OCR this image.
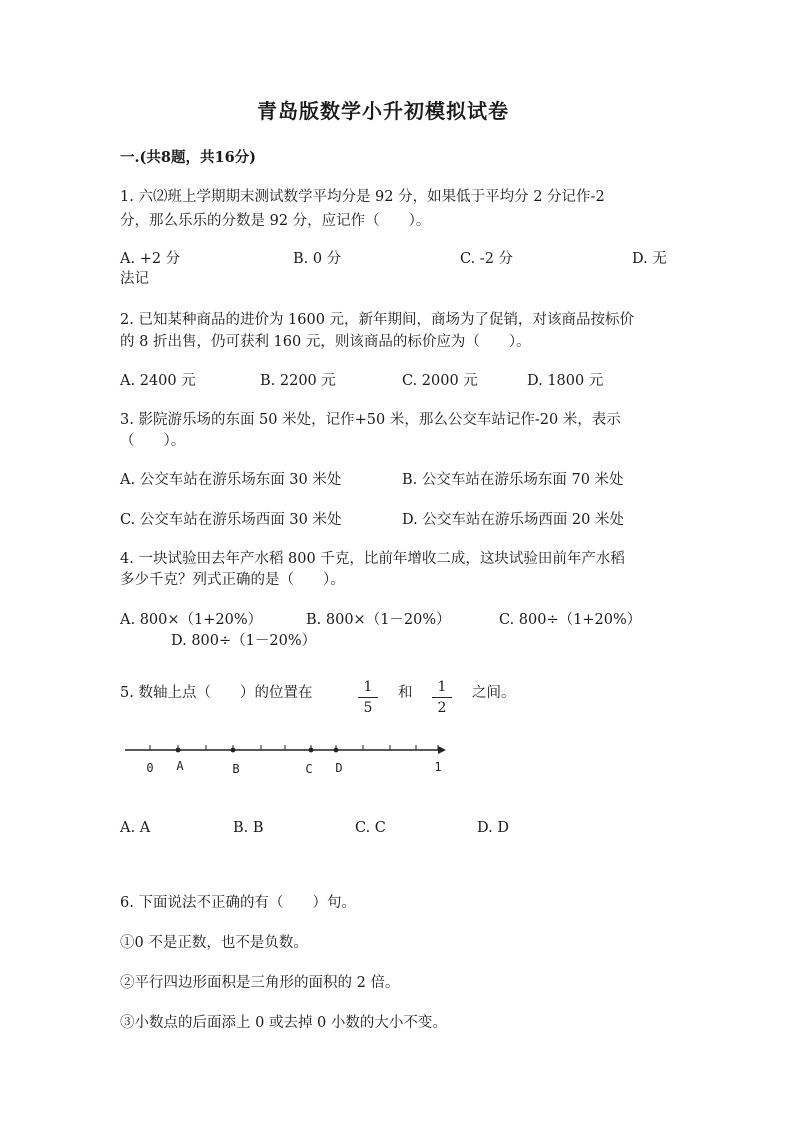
青岛版数学小升初模拟试卷
一.(共8题，共16分)
1. 六⑵班上学期期末测试数学平均分是 92 分，如果低于平均分 2 分记作-2
分，那么乐乐的分数是 92 分，应记作（　　）。
A. +2 分	B. 0 分	C. -2 分	D. 无
法记
2. 已知某种商品的进价为 1600 元，新年期间，商场为了促销，对该商品按标价
的 8 折出售，仍可获利 160 元，则该商品的标价应为（　　）。
A. 2400 元	B. 2200 元	C. 2000 元	D. 1800 元
3. 影院游乐场的东面 50 米处，记作+50 米，那么公交车站记作-20 米，表示
（　　）。
A. 公交车站在游乐场东面 30 米处	B. 公交车站在游乐场东面 70 米处
C. 公交车站在游乐场西面 30 米处	D. 公交车站在游乐场西面 20 米处
4. 一块试验田去年产水稻 800 千克，比前年增收二成，这块试验田前年产水稻
多少千克？列式正确的是（　　）。
A. 800×（1+20%）	B. 800×（1－20%）	C. 800÷（1+20%）
D. 800÷（1－20%）
5. 数轴上点（　　）的位置在	$\frac{1}{5}$ 和 $\frac{1}{2}$ 之间。
0 A	B	C D	1
A. A	B. B	C. C	D. D
6. 下面说法不正确的有（　　）句。
①0 不是正数，也不是负数。
②平行四边形面积是三角形的面积的 2 倍。
③小数点的后面添上 0 或去掉 0 小数的大小不变。
